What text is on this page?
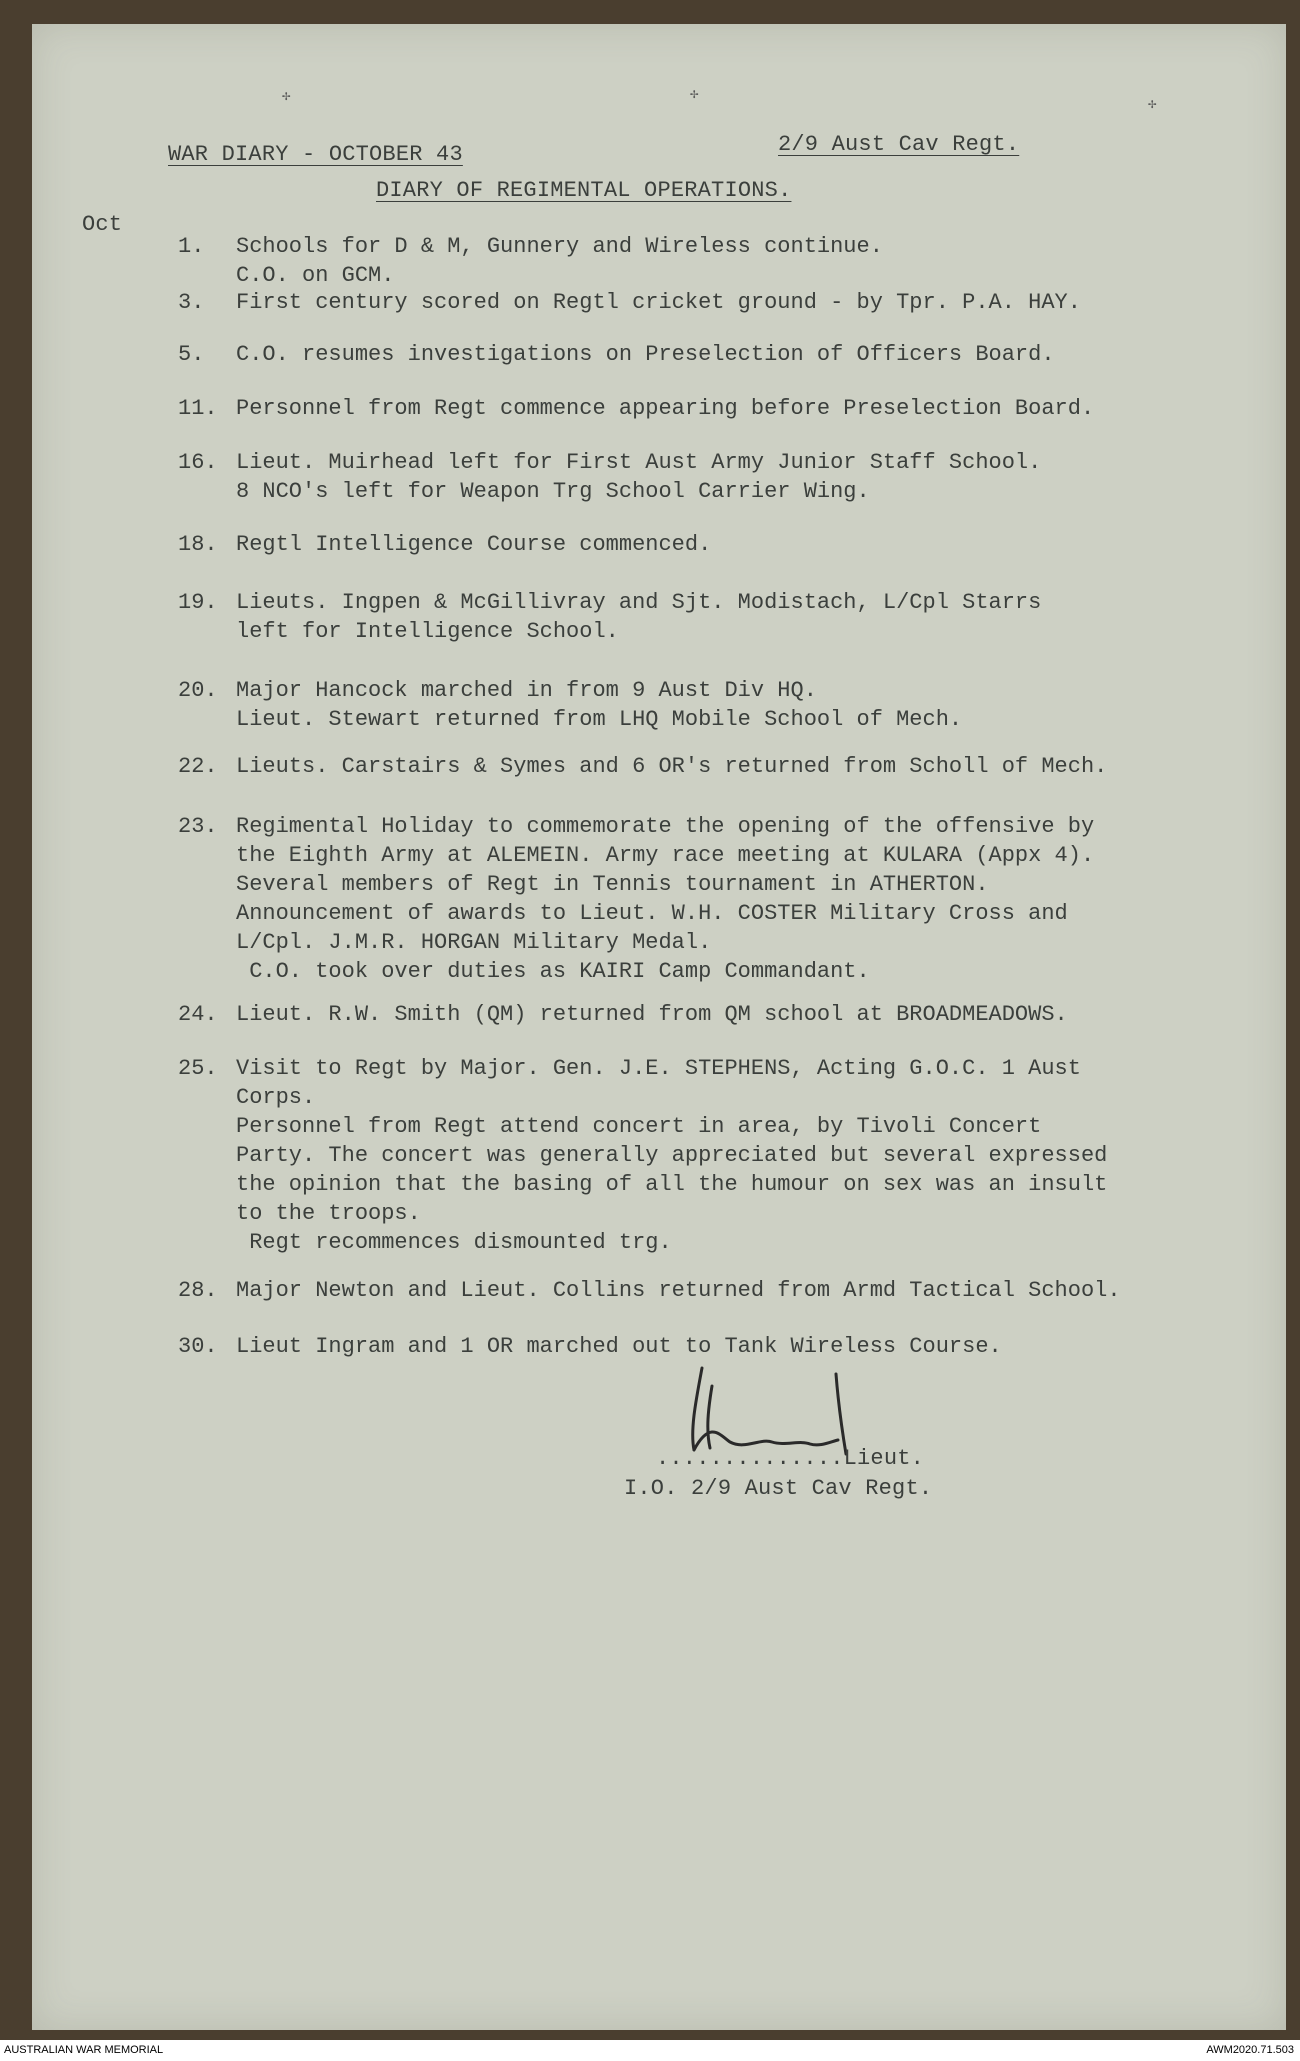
✢	✢
✢
WAR DIARY - OCTOBER 43	2/9 Aust Cav Regt.
DIARY OF REGIMENTAL OPERATIONS.
Oct
1. Schools for D & M, Gunnery and Wireless continue.
C.O. on GCM.
3. First century scored on Regtl cricket ground - by Tpr. P.A. HAY.
5. C.O. resumes investigations on Preselection of Officers Board.
11. Personnel from Regt commence appearing before Preselection Board.
16. Lieut. Muirhead left for First Aust Army Junior Staff School.
8 NCO's left for Weapon Trg School Carrier Wing.
18. Regtl Intelligence Course commenced.
19. Lieuts. Ingpen & McGillivray and Sjt. Modistach, L/Cpl Starrs
left for Intelligence School.
20. Major Hancock marched in from 9 Aust Div HQ.
Lieut. Stewart returned from LHQ Mobile School of Mech.
22. Lieuts. Carstairs & Symes and 6 OR's returned from Scholl of Mech.
23. Regimental Holiday to commemorate the opening of the offensive by
the Eighth Army at ALEMEIN. Army race meeting at KULARA (Appx 4).
Several members of Regt in Tennis tournament in ATHERTON.
Announcement of awards to Lieut. W.H. COSTER Military Cross and
L/Cpl. J.M.R. HORGAN Military Medal.
C.O. took over duties as KAIRI Camp Commandant.
24. Lieut. R.W. Smith (QM) returned from QM school at BROADMEADOWS.
25. Visit to Regt by Major. Gen. J.E. STEPHENS, Acting G.O.C. 1 Aust
Corps.
Personnel from Regt attend concert in area, by Tivoli Concert
Party. The concert was generally appreciated but several expressed
the opinion that the basing of all the humour on sex was an insult
to the troops.
Regt recommences dismounted trg.
28. Major Newton and Lieut. Collins returned from Armd Tactical School.
30. Lieut Ingram and 1 OR marched out to Tank Wireless Course.
..............Lieut.
I.O. 2/9 Aust Cav Regt.
AUSTRALIAN WAR MEMORIAL	AWM2020.71.503
